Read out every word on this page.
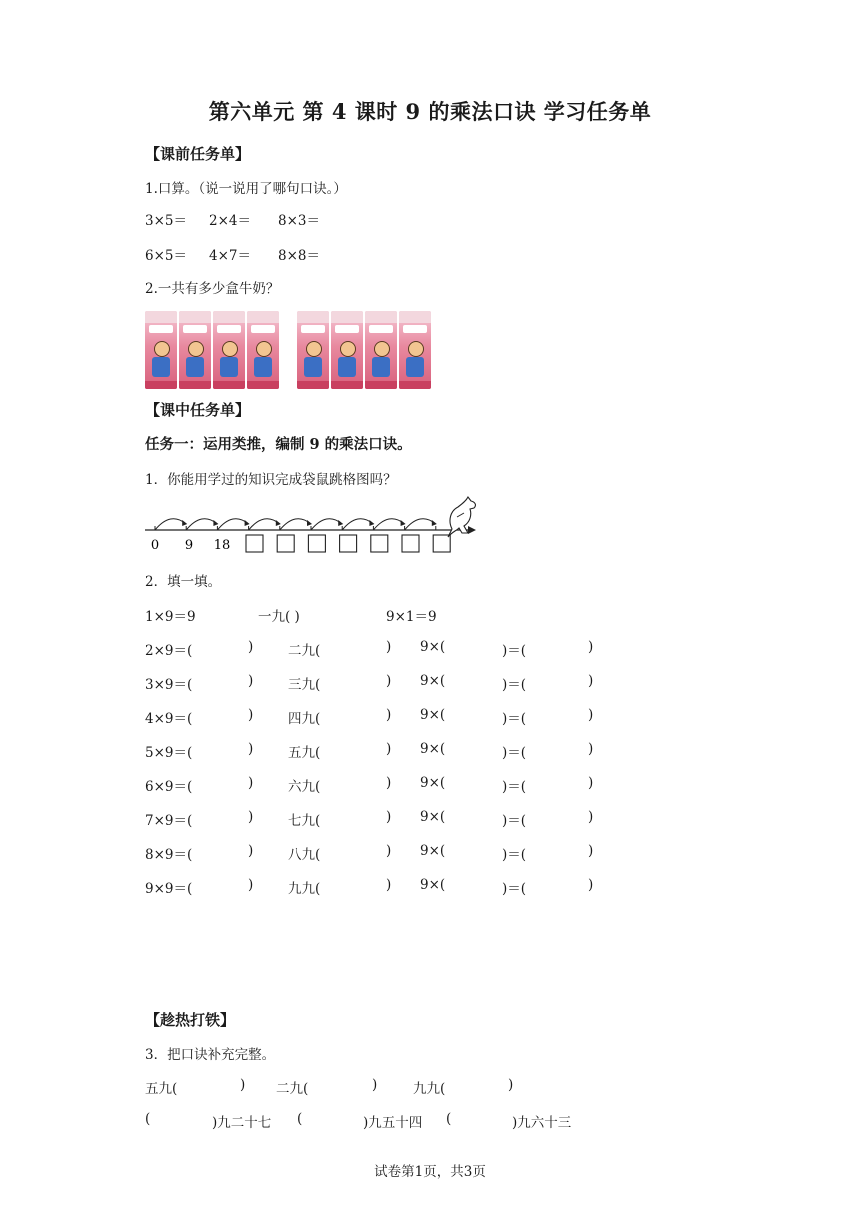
第六单元 第 4 课时 9 的乘法口诀 学习任务单
【课前任务单】
1.口算。（说一说用了哪句口诀。）
3×5＝ 2×4＝ 8×3＝
6×5＝ 4×7＝ 8×8＝
2.一共有多少盒牛奶？
【课中任务单】
任务一：运用类推，编制 9 的乘法口诀。
1．你能用学过的知识完成袋鼠跳格图吗？
0 9 18
2．填一填。
1×9＝9	一九( )	9×1＝9
2×9＝(	)	二九(	) 9×(	)＝(	)
3×9＝(	)	三九(	) 9×(	)＝(	)
4×9＝(	)	四九(	) 9×(	)＝(	)
5×9＝(	)	五九(	) 9×(	)＝(	)
6×9＝(	)	六九(	) 9×(	)＝(	)
7×9＝(	)	七九(	) 9×(	)＝(	)
8×9＝(	)	八九(	) 9×(	)＝(	)
9×9＝(	)	九九(	) 9×(	)＝(	)
【趁热打铁】
3．把口诀补充完整。
五九(	) 二九(	)	九九(	)
(	)九二十七 (	)九五十四 (	)九六十三
试卷第1页，共3页
